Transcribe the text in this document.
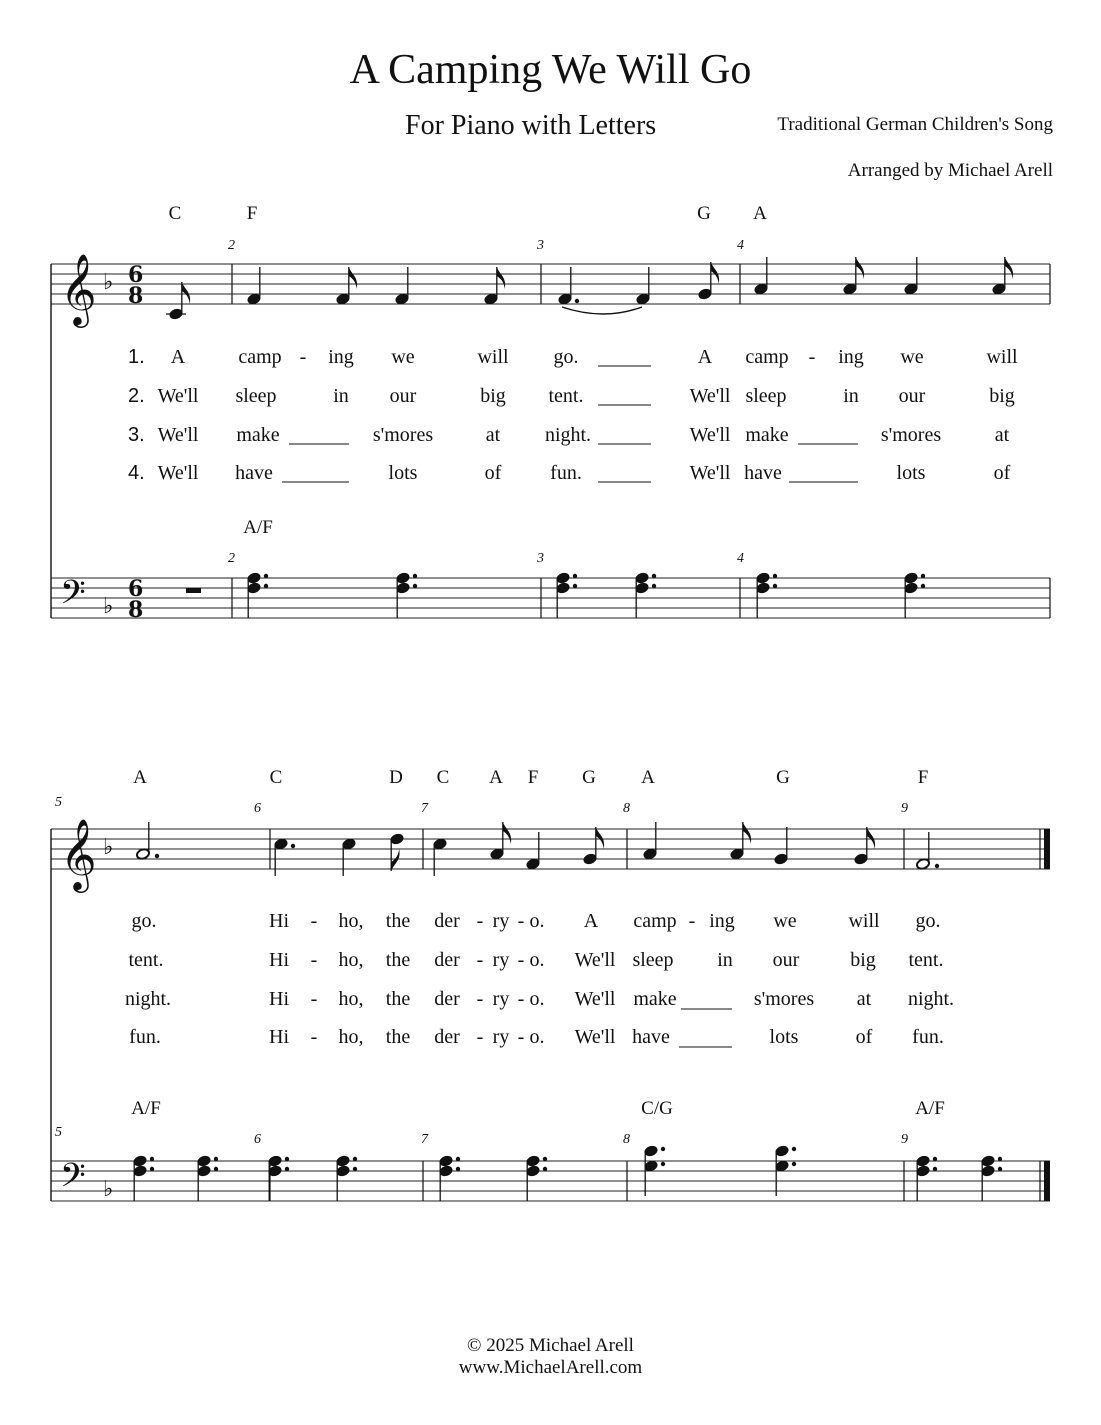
A Camping We Will Go
For Piano with Letters	Traditional German Children's Song
Arranged by Michael Arell
𝄞
𝄢
♭
♭
6
8
6
8
𝄞
𝄢
♭
♭
C	F	G A
2	3	4
1. A	camp - ing we	will go.	A camp - ing we	will
2. We'll sleep	in our	big tent.	We'll sleep	in our	big
3. We'll make	s'mores	at night.	We'll make	s'mores	at
4. We'll have	lots	of fun.	We'll have	lots	of
A/F
2	3	4
A	C	D C A F G A	G	F
5	6	7	8	9
go.	Hi - ho, the der - ry - o. A camp - ing we	will go.
tent.	Hi - ho, the der - ry - o. We'll sleep in our	big tent.
night.	Hi - ho, the der - ry - o. We'll make	s'mores at night.
fun.	Hi - ho, the der - ry - o. We'll have	lots	of fun.
A/F	C/G	A/F
5	6	7	8	9
© 2025 Michael Arell
www.MichaelArell.com
